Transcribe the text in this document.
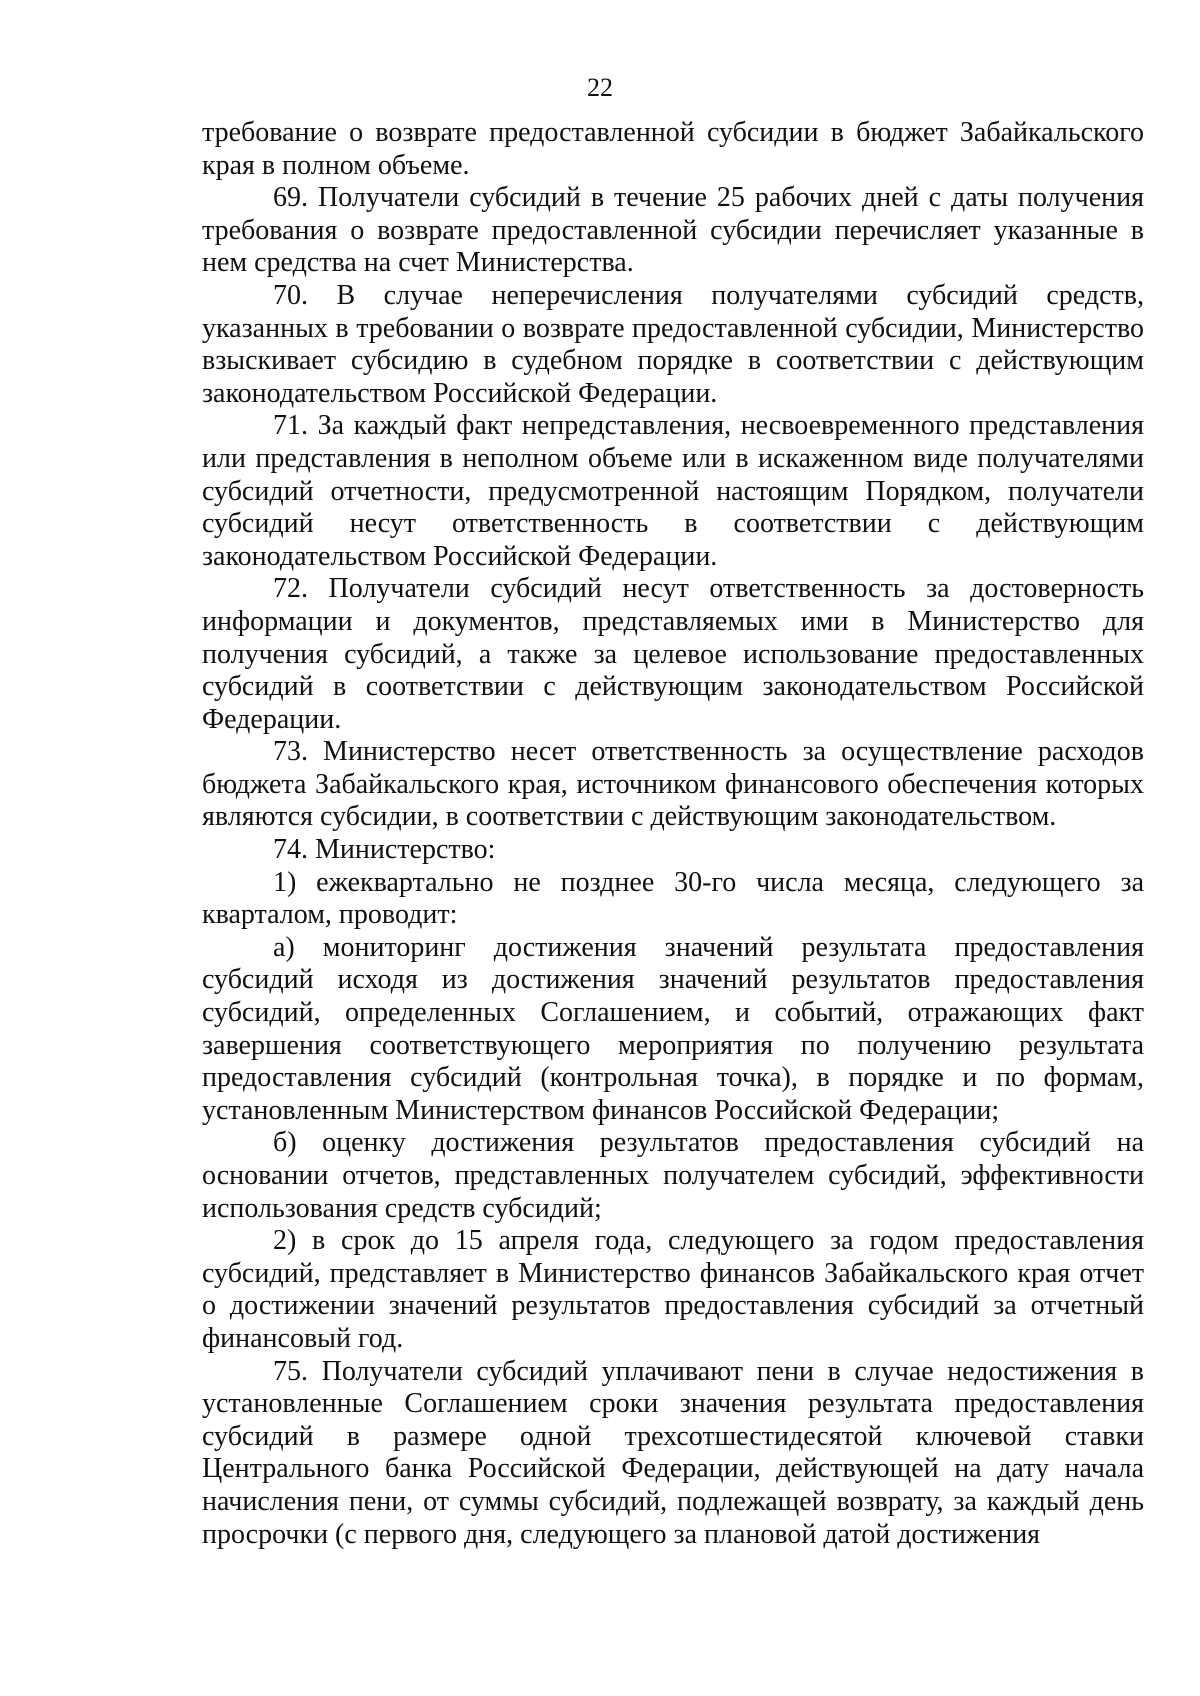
22

требование о возврате предоставленной субсидии в бюджет Забайкальского края в полном объеме.

69. Получатели субсидий в течение 25 рабочих дней с даты получения требования о возврате предоставленной субсидии перечисляет указанные в нем средства на счет Министерства.

70. В случае неперечисления получателями субсидий средств, указанных в требовании о возврате предоставленной субсидии, Министерство взыскивает субсидию в судебном порядке в соответствии с действующим законодательством Российской Федерации.

71. За каждый факт непредставления, несвоевременного представления или представления в неполном объеме или в искаженном виде получателями субсидий отчетности, предусмотренной настоящим Порядком, получатели субсидий несут ответственность в соответствии с действующим законодательством Российской Федерации.

72. Получатели субсидий несут ответственность за достоверность информации и документов, представляемых ими в Министерство для получения субсидий, а также за целевое использование предоставленных субсидий в соответствии с действующим законодательством Российской Федерации.

73. Министерство несет ответственность за осуществление расходов бюджета Забайкальского края, источником финансового обеспечения которых являются субсидии, в соответствии с действующим законодательством.

74. Министерство:

1) ежеквартально не позднее 30-го числа месяца, следующего за кварталом, проводит:

а) мониторинг достижения значений результата предоставления субсидий исходя из достижения значений результатов предоставления субсидий, определенных Соглашением, и событий, отражающих факт завершения соответствующего мероприятия по получению результата предоставления субсидий (контрольная точка), в порядке и по формам, установленным Министерством финансов Российской Федерации;

б) оценку достижения результатов предоставления субсидий на основании отчетов, представленных получателем субсидий, эффективности использования средств субсидий;

2) в срок до 15 апреля года, следующего за годом предоставления субсидий, представляет в Министерство финансов Забайкальского края отчет о достижении значений результатов предоставления субсидий за отчетный финансовый год.

75. Получатели субсидий уплачивают пени в случае недостижения в установленные Соглашением сроки значения результата предоставления субсидий в размере одной трехсотшестидесятой ключевой ставки Центрального банка Российской Федерации, действующей на дату начала начисления пени, от суммы субсидий, подлежащей возврату, за каждый день просрочки (с первого дня, следующего за плановой датой достижения
